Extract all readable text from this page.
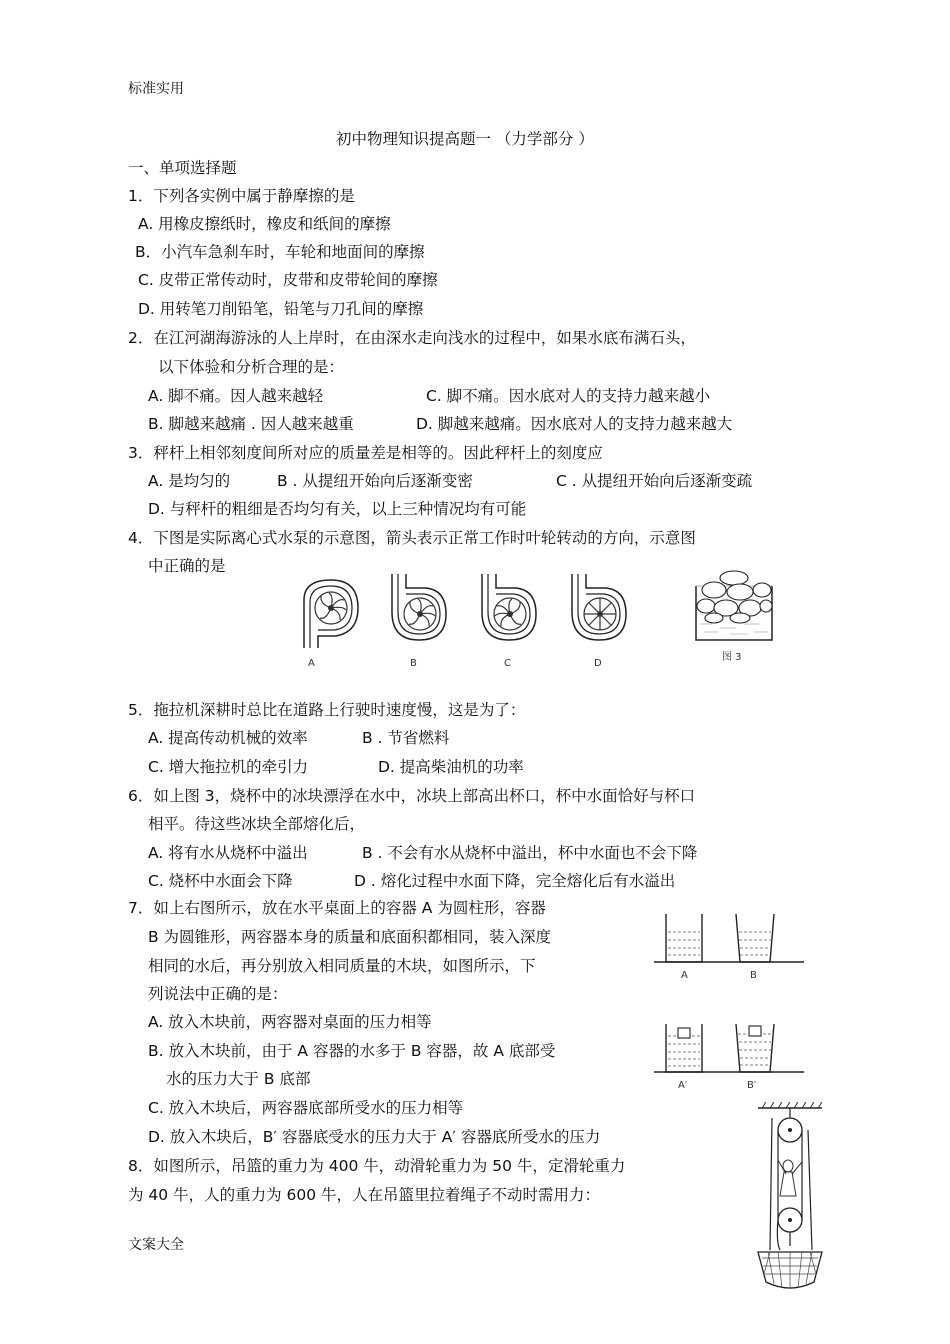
标准实用
初中物理知识提高题一 （力学部分 ）
一、单项选择题
1．下列各实例中属于静摩擦的是
A. 用橡皮擦纸时，橡皮和纸间的摩擦
B．小汽车急刹车时，车轮和地面间的摩擦
C. 皮带正常传动时，皮带和皮带轮间的摩擦
D. 用转笔刀削铅笔，铅笔与刀孔间的摩擦
2．在江河湖海游泳的人上岸时，在由深水走向浅水的过程中，如果水底布满石头，
以下体验和分析合理的是：
A. 脚不痛。因人越来越轻	C. 脚不痛。因水底对人的支持力越来越小
B. 脚越来越痛 . 因人越来越重	D. 脚越来越痛。因水底对人的支持力越来越大
3．秤杆上相邻刻度间所对应的质量差是相等的。因此秤杆上的刻度应
A. 是均匀的	B . 从提纽开始向后逐渐变密	C . 从提纽开始向后逐渐变疏
D. 与秤杆的粗细是否均匀有关，以上三种情况均有可能
4．下图是实际离心式水泵的示意图，箭头表示正常工作时叶轮转动的方向，示意图
中正确的是
A	B	C	D
图 3
5．拖拉机深耕时总比在道路上行驶时速度慢，这是为了：
A. 提高传动机械的效率	B . 节省燃料
C. 增大拖拉机的牵引力	D. 提高柴油机的功率
6．如上图 3，烧杯中的冰块漂浮在水中，冰块上部高出杯口，杯中水面恰好与杯口
相平。待这些冰块全部熔化后，
A. 将有水从烧杯中溢出	B . 不会有水从烧杯中溢出，杯中水面也不会下降
C. 烧杯中水面会下降	D . 熔化过程中水面下降，完全熔化后有水溢出
7．如上右图所示，放在水平桌面上的容器 A 为圆柱形，容器
B 为圆锥形，两容器本身的质量和底面积都相同，装入深度
相同的水后，再分别放入相同质量的木块，如图所示，下
列说法中正确的是：
A. 放入木块前，两容器对桌面的压力相等
B. 放入木块前，由于 A 容器的水多于 B 容器，故 A 底部受
水的压力大于 B 底部
C. 放入木块后，两容器底部所受水的压力相等
D. 放入木块后，B′ 容器底受水的压力大于 A′ 容器底所受水的压力
A	B
A′	B′
8．如图所示，吊篮的重力为 400 牛，动滑轮重力为 50 牛，定滑轮重力
为 40 牛，人的重力为 600 牛，人在吊篮里拉着绳子不动时需用力：
文案大全
